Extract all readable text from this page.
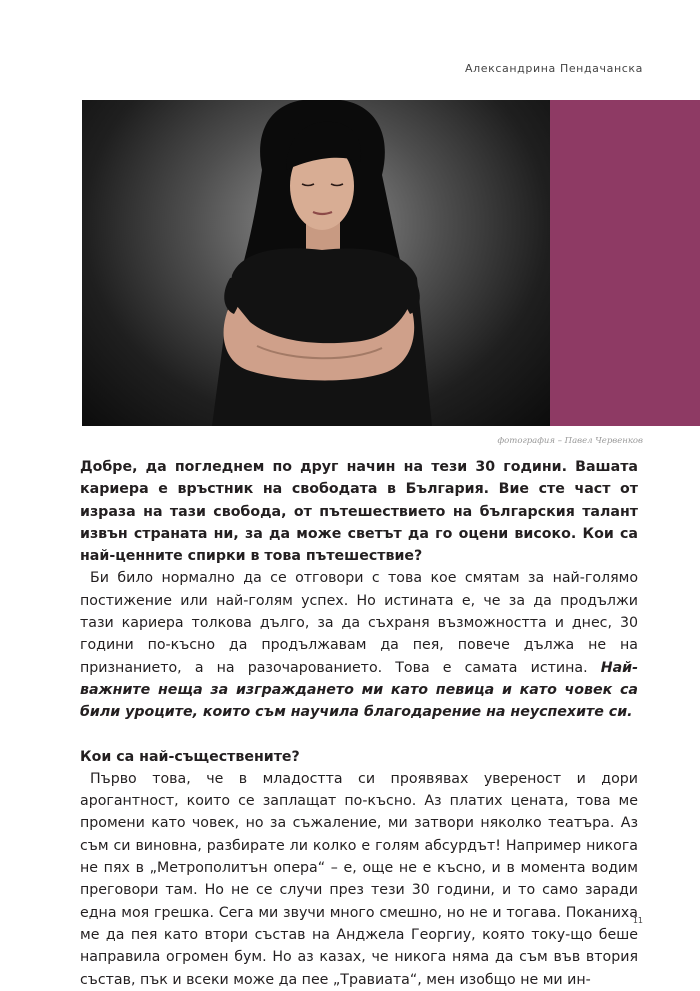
Александрина Пендачанска
фотография – Павел Червенков

Добре, да погледнем по друг начин на тези 30 години. Вашата кариера е връстник на свободата в България. Вие сте част от израза на тази свобода, от пътешествието на българския талант извън страната ни, за да може светът да го оцени високо. Кои са най-ценните спирки в това пътешествие?

Би било нормално да се отговори с това кое смятам за най-голямо постижение или най-голям успех. Но истината е, че за да продължи тази кариера толкова дълго, за да съхраня възможността и днес, 30 години по-късно да продължавам да пея, повече дължа не на признанието, а на разочарованието. Това е самата истина. Най-важните неща за изграждането ми като певица и като човек са били уроците, които съм научила благодарение на неуспехите си.

Кои са най-съществените?

Първо това, че в младостта си проявявах увереност и дори арогантност, които се заплащат по-късно. Аз платих цената, това ме промени като човек, но за съжаление, ми затвори няколко театъра. Аз съм си виновна, разбирате ли колко е голям абсурдът! Например никога не пях в „Метрополитън опера“ – е, още не е късно, и в момента водим преговори там. Но не се случи през тези 30 години, и то само заради една моя грешка. Сега ми звучи много смешно, но не и тогава. Поканиха ме да пея като втори състав на Анджела Георгиу, която току-що беше направила огромен бум. Но аз казах, че никога няма да съм във втория състав, пък и всеки може да пее „Травиата“, мен изобщо не ми ин-

11
